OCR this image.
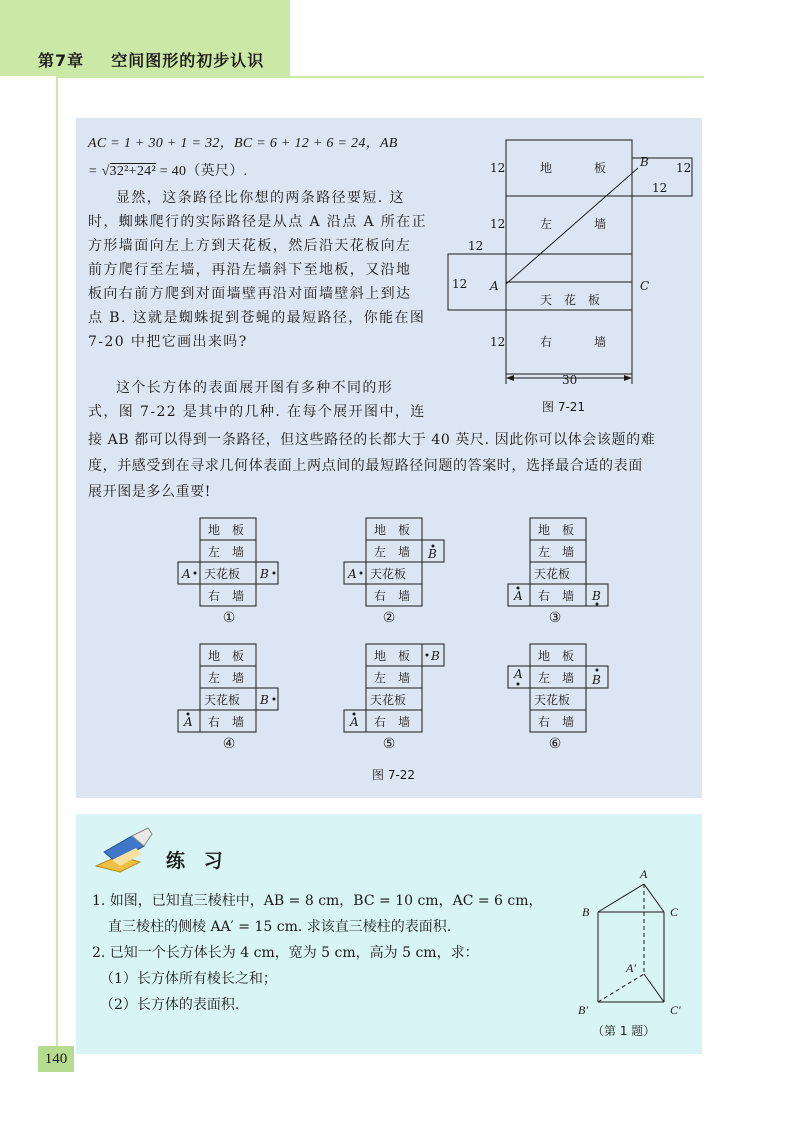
第7章 空间图形的初步认识
140
AC = 1 + 30 + 1 = 32，BC = 6 + 12 + 6 = 24，AB
= √32²+24² = 40（英尺）.
显然，这条路径比你想的两条路径要短. 这
时，蜘蛛爬行的实际路径是从点 A 沿点 A 所在正
方形墙面向左上方到天花板，然后沿天花板向左
前方爬行至左墙，再沿左墙斜下至地板，又沿地
板向右前方爬到对面墙壁再沿对面墙壁斜上到达
点 B. 这就是蜘蛛捉到苍蝇的最短路径，你能在图
7-20 中把它画出来吗?
这个长方体的表面展开图有多种不同的形
式，图 7-22 是其中的几种. 在每个展开图中，连
接 AB 都可以得到一条路径，但这些路径的长都大于 40 英尺. 因此你可以体会该题的难
度，并感受到在寻求几何体表面上两点间的最短路径问题的答案时，选择最合适的表面
展开图是多么重要!
12	地	板
12	左	墙
12
12
天　花　板
12	右	墙
12
12
30
A
B
C
图 7-21
地　板
左　墙
天花板
右　墙
A	B
①
地　板
左　墙
天花板
右　墙
A
B
②
地　板
左　墙
天花板
右　墙
A	B
③
地　板
左　墙
天花板
右　墙
A
B
④
地　板
左　墙
天花板
右　墙
A
B
⑤
地　板
左　墙
天花板
右　墙
A	B
⑥
图 7-22
练 习
1. 如图，已知直三棱柱中，AB = 8 cm，BC = 10 cm，AC = 6 cm，
直三棱柱的侧棱 AA′ = 15 cm. 求该直三棱柱的表面积.
2. 已知一个长方体长为 4 cm，宽为 5 cm，高为 5 cm，求：
（1）长方体所有棱长之和；
（2）长方体的表面积.
A
B	C
A′
B′	C′
（第 1 题）
